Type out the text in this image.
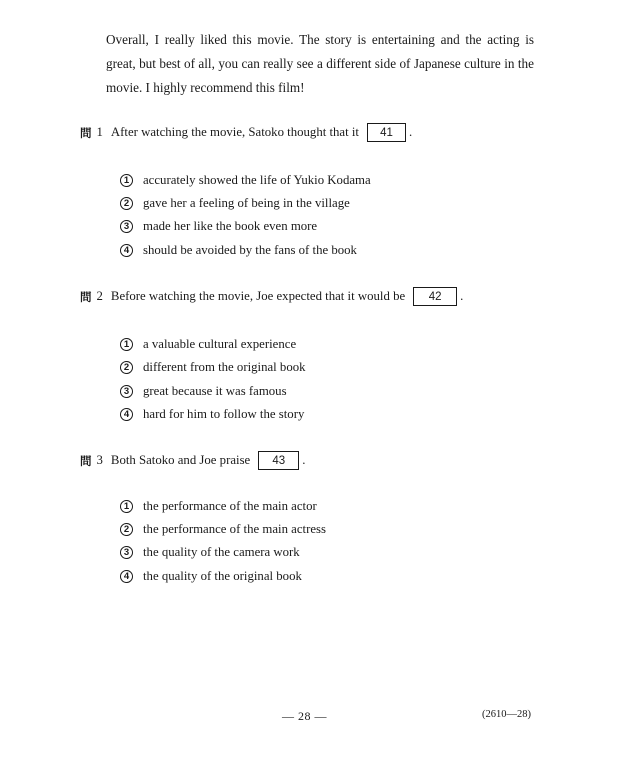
Overall, I really liked this movie. The story is entertaining and the acting is great, but best of all, you can really see a different side of Japanese culture in the movie. I highly recommend this film!

問 1 After watching the movie, Satoko thought that it	41	.
1	accurately showed the life of Yukio Kodama
2	gave her a feeling of being in the village
3	made her like the book even more
4	should be avoided by the fans of the book
問 2 Before watching the movie, Joe expected that it would be	42	.
1	a valuable cultural experience
2	different from the original book
3	great because it was famous
4	hard for him to follow the story
問 3 Both Satoko and Joe praise	43	.
1	the performance of the main actor
2	the performance of the main actress
3	the quality of the camera work
4	the quality of the original book
— 28 —	(2610—28)
